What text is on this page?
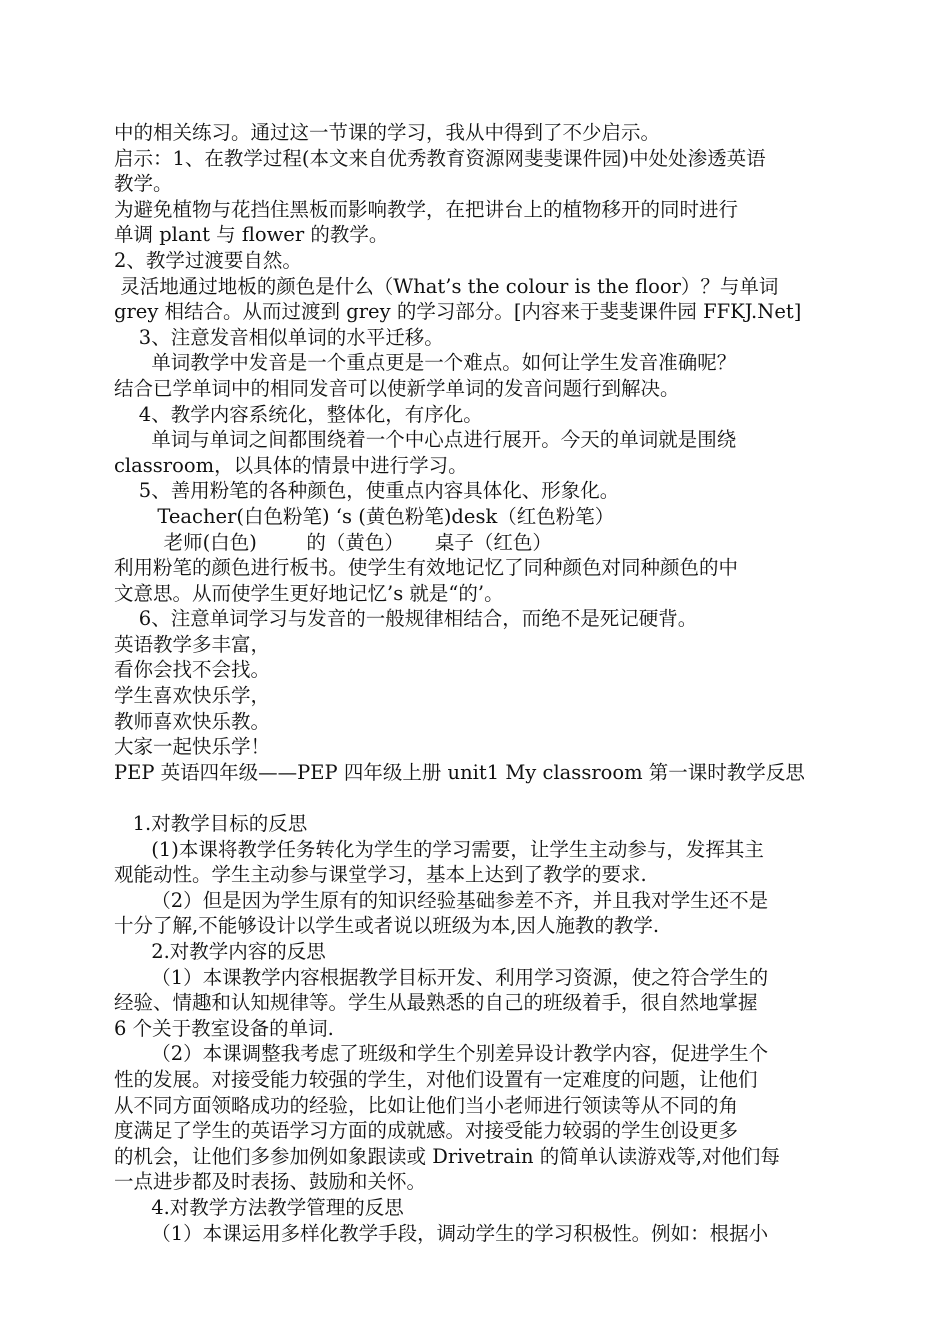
中的相关练习。通过这一节课的学习，我从中得到了不少启示。
启示：1、在教学过程(本文来自优秀教育资源网斐斐课件园)中处处渗透英语
教学。
为避免植物与花挡住黑板而影响教学，在把讲台上的植物移开的同时进行
单调 plant 与 flower 的教学。
2、教学过渡要自然。
灵活地通过地板的颜色是什么（What’s the colour is the floor）？与单词
grey 相结合。从而过渡到 grey 的学习部分。[内容来于斐斐课件园 FFKJ.Net]
3、注意发音相似单词的水平迁移。
单词教学中发音是一个重点更是一个难点。如何让学生发音准确呢？
结合已学单词中的相同发音可以使新学单词的发音问题行到解决。
4、教学内容系统化，整体化，有序化。
单词与单词之间都围绕着一个中心点进行展开。今天的单词就是围绕
classroom，以具体的情景中进行学习。
5、善用粉笔的各种颜色，使重点内容具体化、形象化。
Teacher(白色粉笔) ‘s (黄色粉笔)desk（红色粉笔）
老师(白色)        的（黄色）     桌子（红色）
利用粉笔的颜色进行板书。使学生有效地记忆了同种颜色对同种颜色的中
文意思。从而使学生更好地记忆’s 就是“的’。
6、注意单词学习与发音的一般规律相结合，而绝不是死记硬背。
英语教学多丰富，
看你会找不会找。
学生喜欢快乐学，
教师喜欢快乐教。
大家一起快乐学！
PEP 英语四年级——PEP 四年级上册 unit1 My classroom 第一课时教学反思
1.对教学目标的反思
(1)本课将教学任务转化为学生的学习需要，让学生主动参与，发挥其主
观能动性。学生主动参与课堂学习，基本上达到了教学的要求.
（2）但是因为学生原有的知识经验基础参差不齐，并且我对学生还不是
十分了解,不能够设计以学生或者说以班级为本,因人施教的教学.
2.对教学内容的反思
（1）本课教学内容根据教学目标开发、利用学习资源，使之符合学生的
经验、情趣和认知规律等。学生从最熟悉的自己的班级着手，很自然地掌握
6 个关于教室设备的单词.
（2）本课调整我考虑了班级和学生个别差异设计教学内容，促进学生个
性的发展。对接受能力较强的学生，对他们设置有一定难度的问题，让他们
从不同方面领略成功的经验，比如让他们当小老师进行领读等从不同的角
度满足了学生的英语学习方面的成就感。对接受能力较弱的学生创设更多
的机会，让他们多参加例如象跟读或 Drivetrain 的简单认读游戏等,对他们每
一点进步都及时表扬、鼓励和关怀。
4.对教学方法教学管理的反思
（1）本课运用多样化教学手段，调动学生的学习积极性。例如：根据小
